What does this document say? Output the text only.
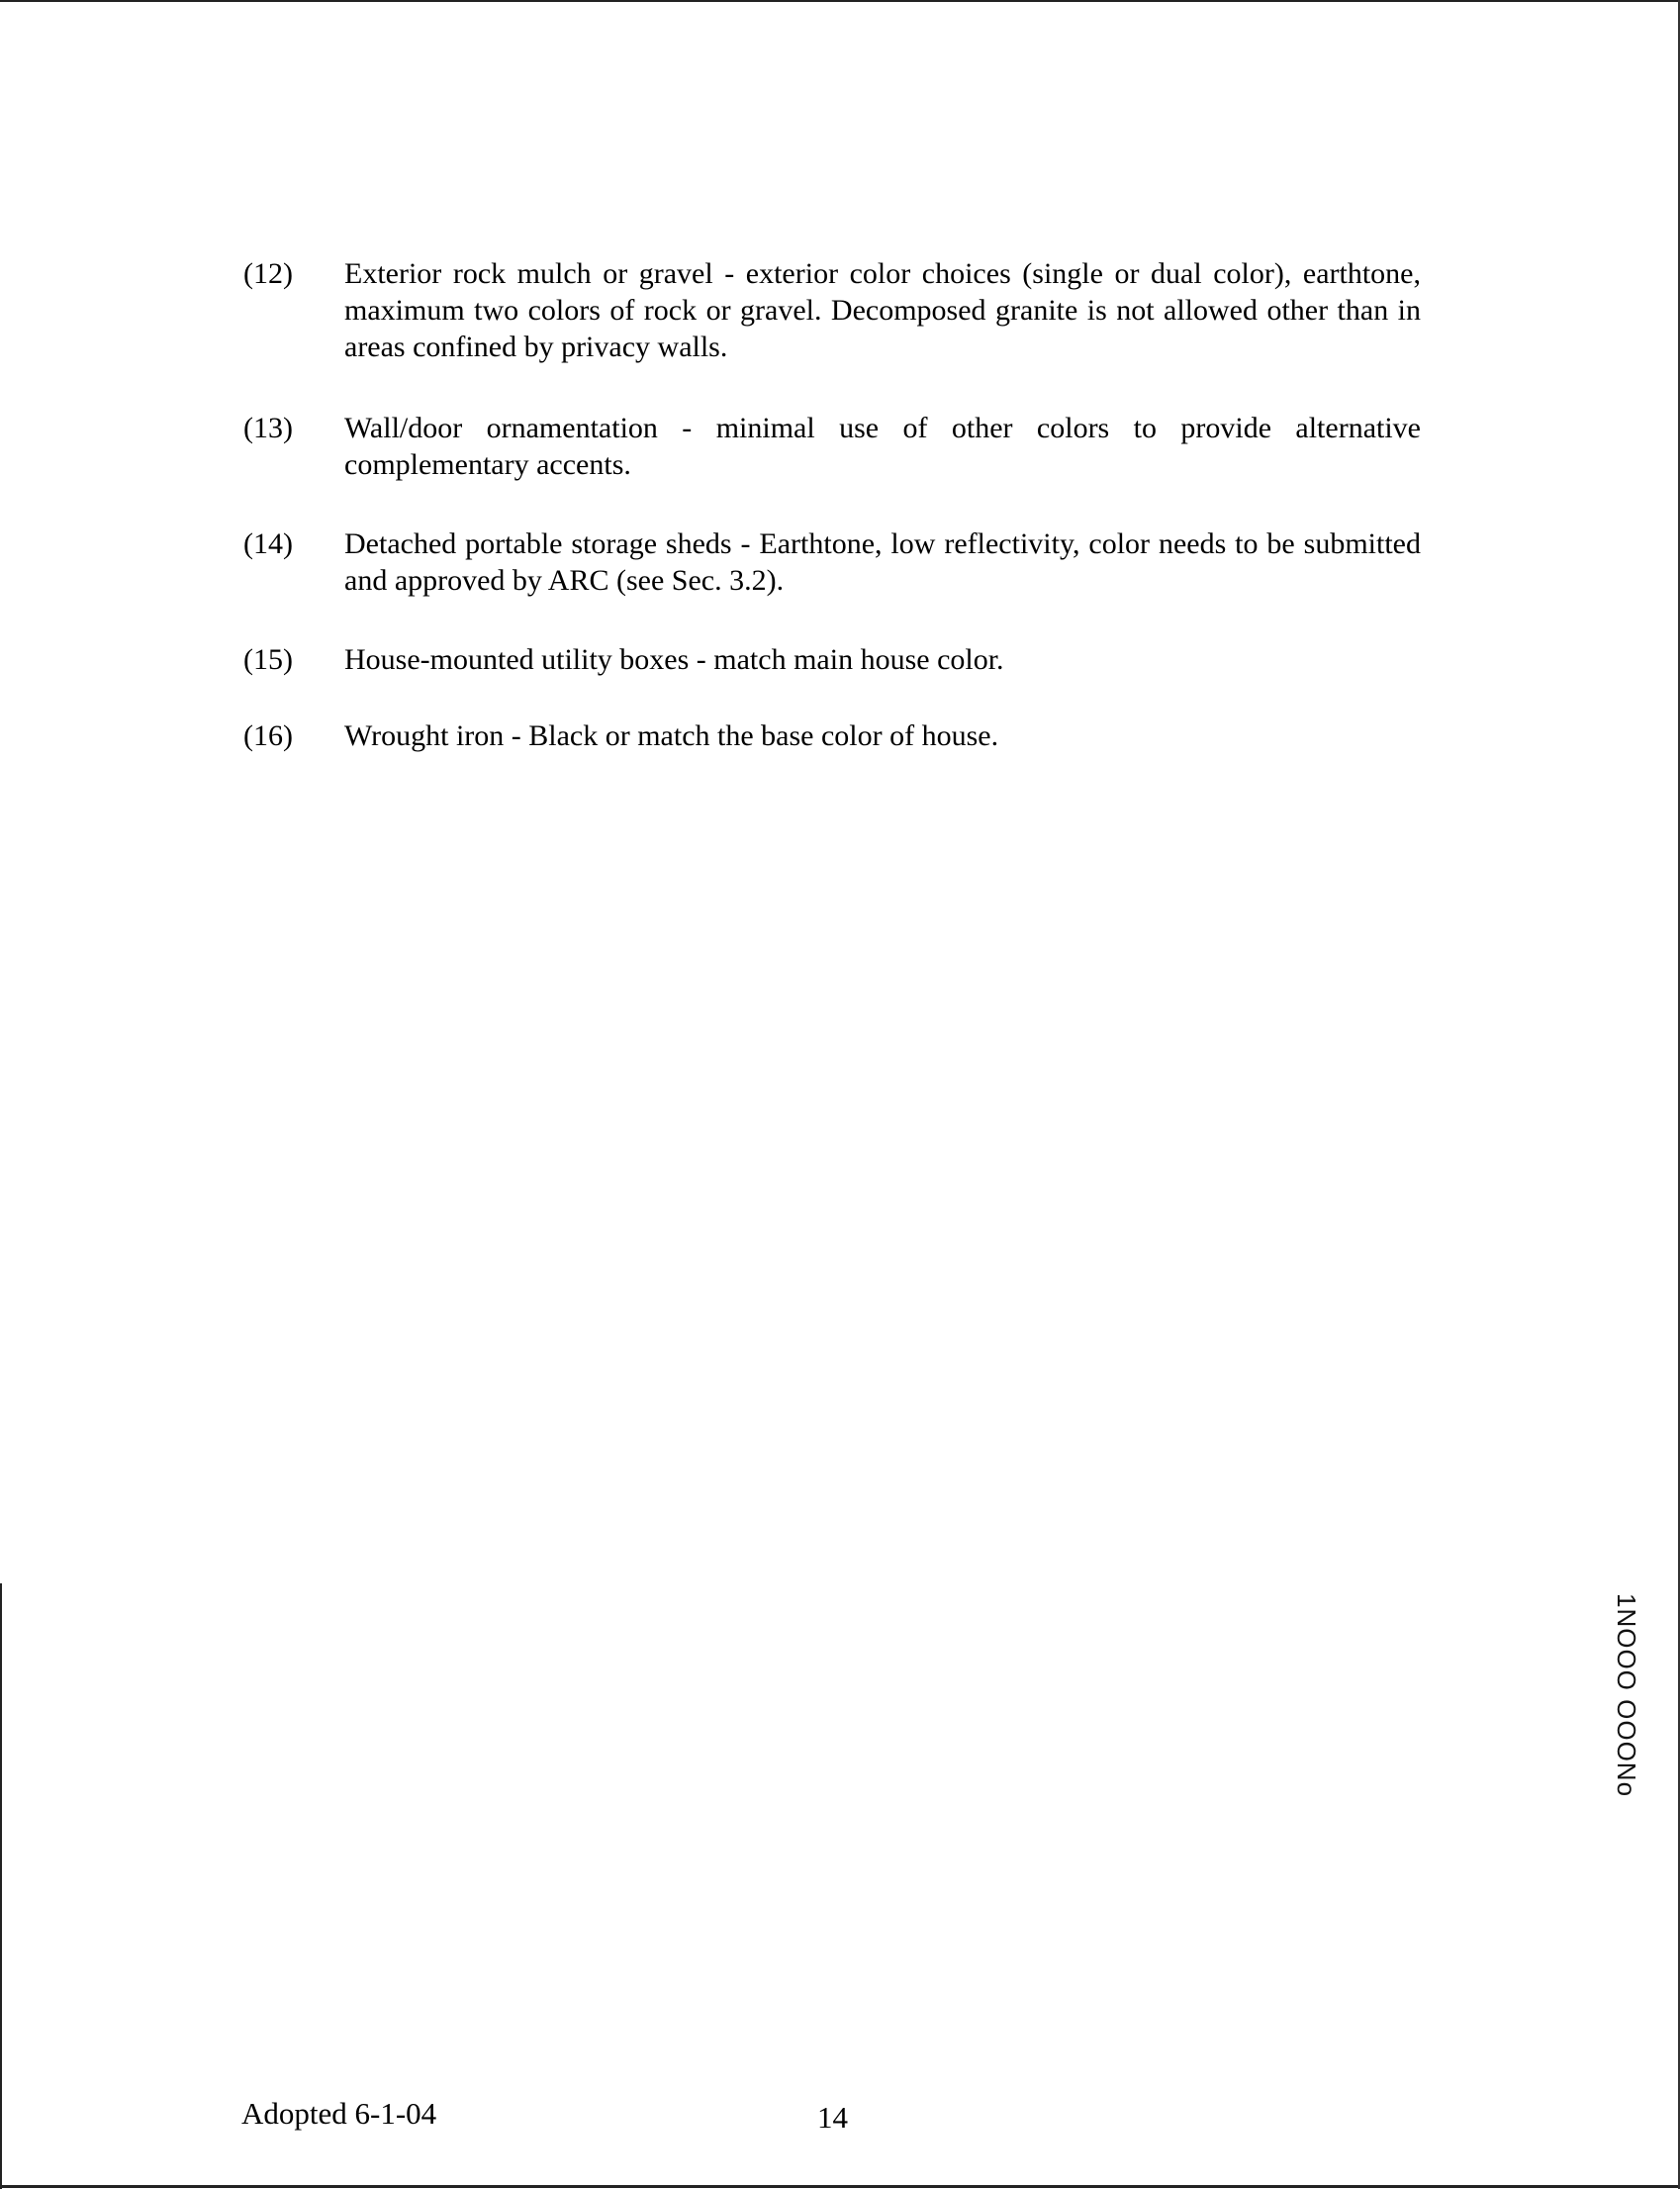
(12) Exterior rock mulch or gravel - exterior color choices (single or dual color), earthtone, maximum two colors of rock or gravel. Decomposed granite is not allowed other than in areas confined by privacy walls.
(13) Wall/door ornamentation - minimal use of other colors to provide alternative complementary accents.
(14) Detached portable storage sheds - Earthtone, low reflectivity, color needs to be submitted and approved by ARC (see Sec. 3.2).
(15) House-mounted utility boxes - match main house color.
(16) Wrought iron - Black or match the base color of house.
Adopted 6-1-04	14
1NOOO OOONo
